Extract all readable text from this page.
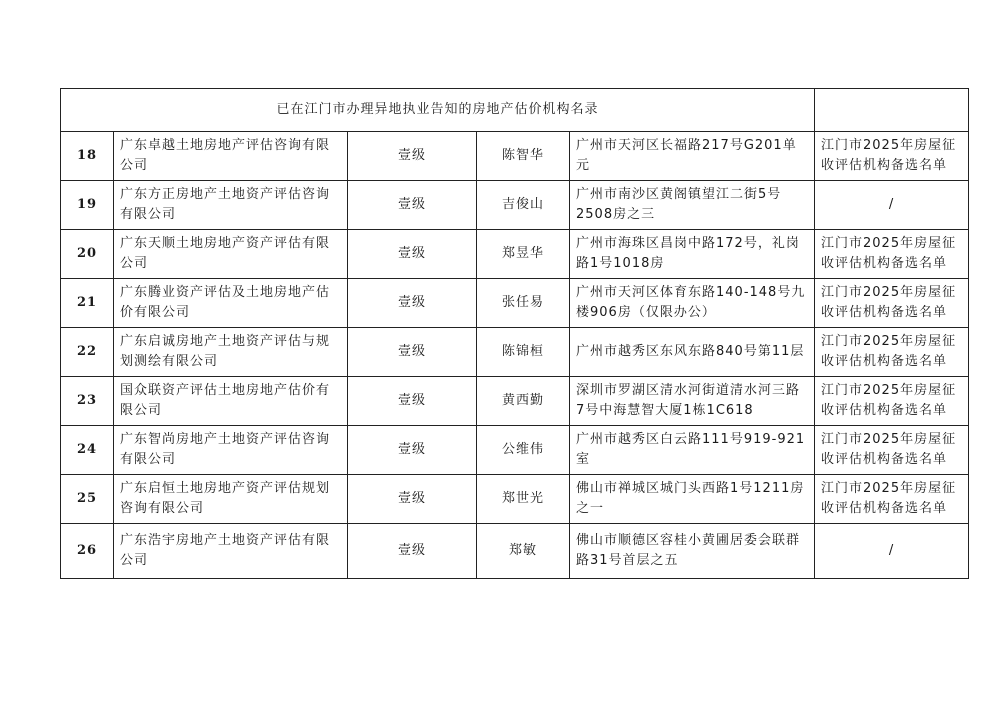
已在江门市办理异地执业告知的房地产估价机构名录					
18	广东卓越土地房地产评估咨询有限公司	壹级	陈智华	广州市天河区长福路217号G201单元	江门市2025年房屋征收评估机构备选名单
19	广东方正房地产土地资产评估咨询有限公司	壹级	吉俊山	广州市南沙区黄阁镇望江二街5号2508房之三	/
20	广东天顺土地房地产资产评估有限公司	壹级	郑昱华	广州市海珠区昌岗中路172号，礼岗路1号1018房	江门市2025年房屋征收评估机构备选名单
21	广东腾业资产评估及土地房地产估价有限公司	壹级	张任易	广州市天河区体育东路140-148号九楼906房（仅限办公）	江门市2025年房屋征收评估机构备选名单
22	广东启诚房地产土地资产评估与规划测绘有限公司	壹级	陈锦桓	广州市越秀区东风东路840号第11层	江门市2025年房屋征收评估机构备选名单
23	国众联资产评估土地房地产估价有限公司	壹级	黄西勤	深圳市罗湖区清水河街道清水河三路7号中海慧智大厦1栋1C618	江门市2025年房屋征收评估机构备选名单
24	广东智尚房地产土地资产评估咨询有限公司	壹级	公维伟	广州市越秀区白云路111号919-921室	江门市2025年房屋征收评估机构备选名单
25	广东启恒土地房地产资产评估规划咨询有限公司	壹级	郑世光	佛山市禅城区城门头西路1号1211房之一	江门市2025年房屋征收评估机构备选名单
26	广东浩宇房地产土地资产评估有限公司	壹级	郑敏	佛山市顺德区容桂小黄圃居委会联群路31号首层之五	/
